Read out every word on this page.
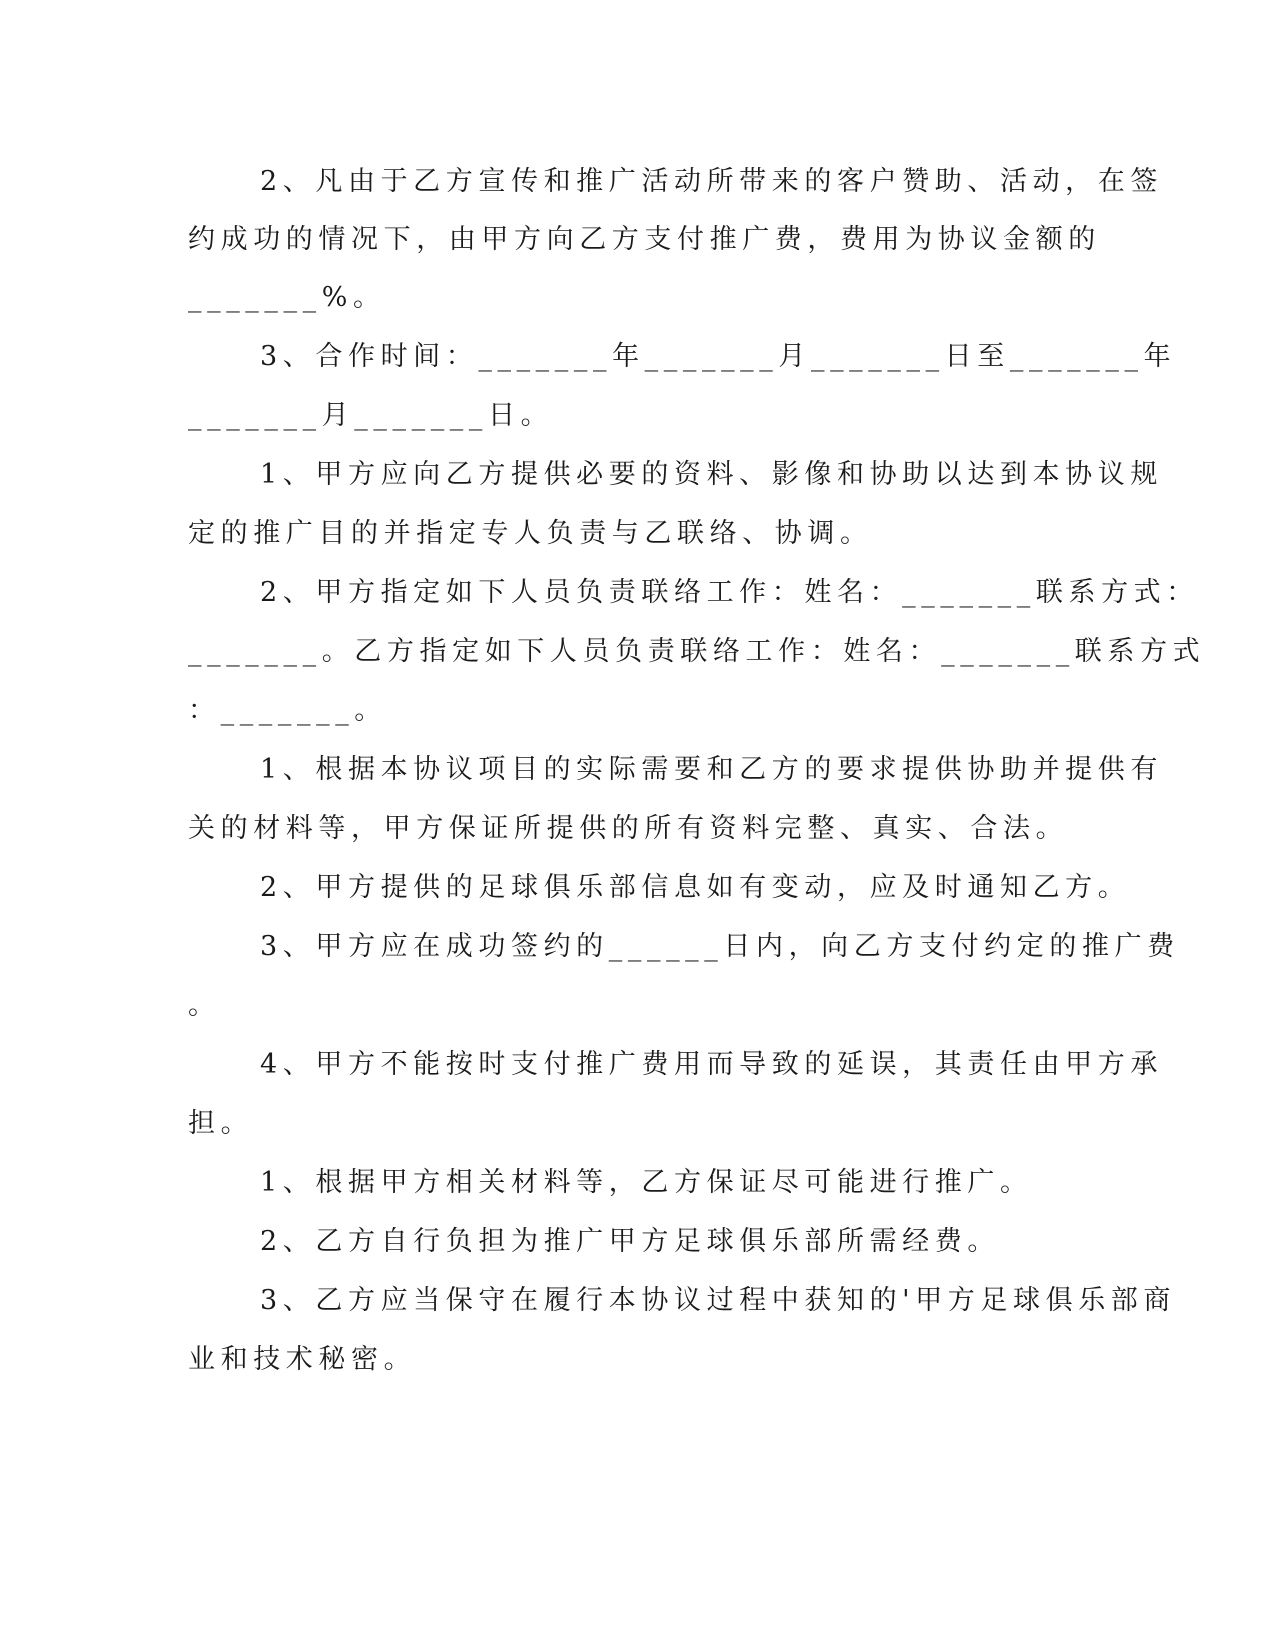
2、凡由于乙方宣传和推广活动所带来的客户赞助、活动，在签
约成功的情况下，由甲方向乙方支付推广费，费用为协议金额的
_______%。
3、合作时间：_______年_______月_______日至_______年
_______月_______日。
1、甲方应向乙方提供必要的资料、影像和协助以达到本协议规
定的推广目的并指定专人负责与乙联络、协调。
2、甲方指定如下人员负责联络工作：姓名：_______联系方式：
_______。乙方指定如下人员负责联络工作：姓名：_______联系方式
：_______。
1、根据本协议项目的实际需要和乙方的要求提供协助并提供有
关的材料等，甲方保证所提供的所有资料完整、真实、合法。
2、甲方提供的足球俱乐部信息如有变动，应及时通知乙方。
3、甲方应在成功签约的______日内，向乙方支付约定的推广费
。
4、甲方不能按时支付推广费用而导致的延误，其责任由甲方承
担。
1、根据甲方相关材料等，乙方保证尽可能进行推广。
2、乙方自行负担为推广甲方足球俱乐部所需经费。
3、乙方应当保守在履行本协议过程中获知的'甲方足球俱乐部商
业和技术秘密。
